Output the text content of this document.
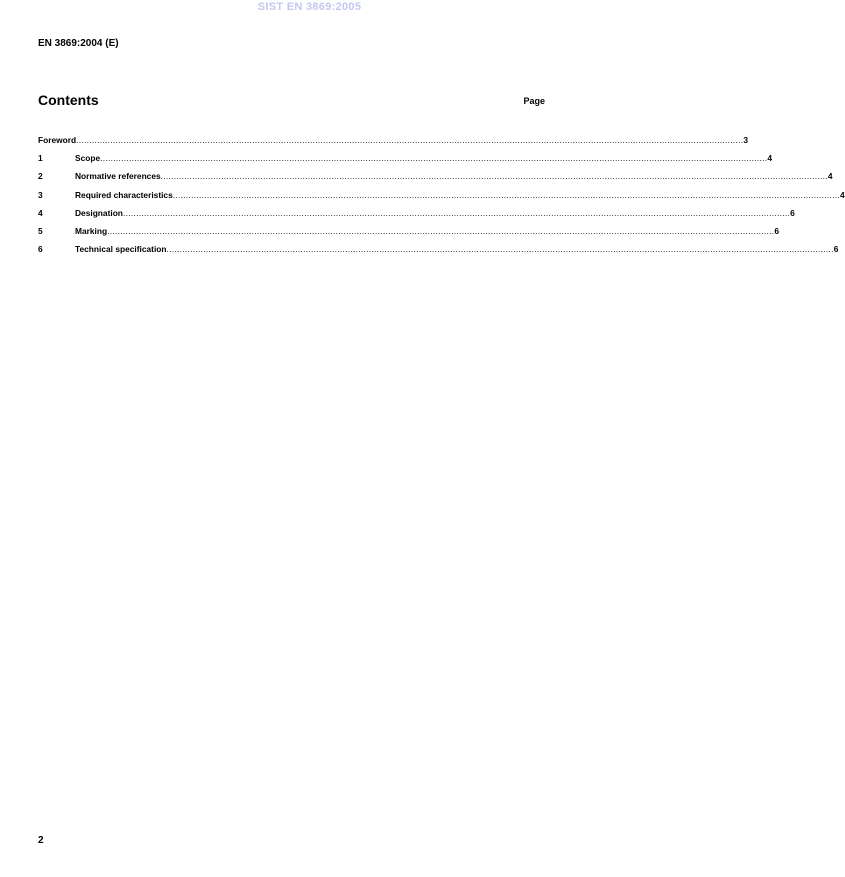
SIST EN 3869:2005
EN 3869:2004 (E)
Contents	Page
Foreword .............................................................................................................................................................................................................................................................. 3
1	Scope .............................................................................................................................................................................................................................................................. 4
2	Normative references .............................................................................................................................................................................................................................................................. 4
3	Required characteristics .............................................................................................................................................................................................................................................................. 4
4	Designation .............................................................................................................................................................................................................................................................. 6
5	Marking .............................................................................................................................................................................................................................................................. 6
6	Technical specification .............................................................................................................................................................................................................................................................. 6
2
